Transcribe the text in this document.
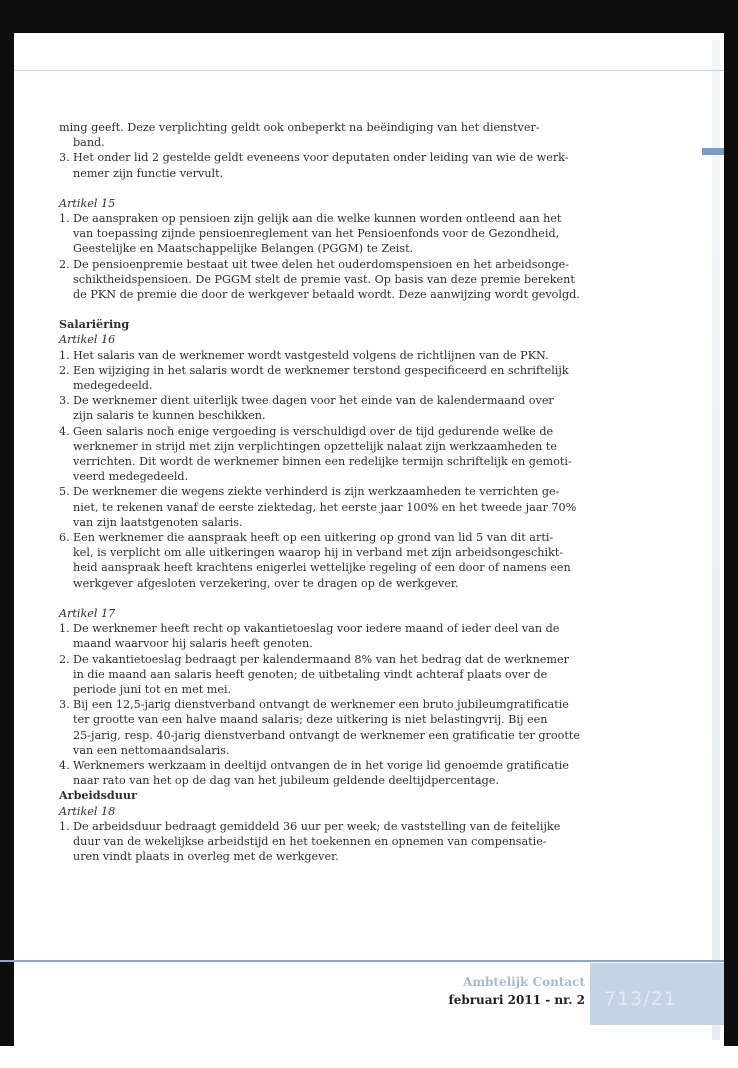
ming geeft. Deze verplichting geldt ook onbeperkt na beëindiging van het dienstver-

band.

3. Het onder lid 2 gestelde geldt eveneens voor deputaten onder leiding van wie de werk-
nemer zijn functie vervult.

Artikel 15

1. De aanspraken op pensioen zijn gelijk aan die welke kunnen worden ontleend aan het
van toepassing zijnde pensioenreglement van het Pensioenfonds voor de Gezondheid,
Geestelijke en Maatschappelijke Belangen (PGGM) te Zeist.
2. De pensioenpremie bestaat uit twee delen het ouderdomspensioen en het arbeidsonge-
schiktheidspensioen. De PGGM stelt de premie vast. Op basis van deze premie berekent
de PKN de premie die door de werkgever betaald wordt. Deze aanwijzing wordt gevolgd.

Salariëring

Artikel 16

1. Het salaris van de werknemer wordt vastgesteld volgens de richtlijnen van de PKN.
2. Een wijziging in het salaris wordt de werknemer terstond gespecificeerd en schriftelijk
medegedeeld.
3. De werknemer dient uiterlijk twee dagen voor het einde van de kalendermaand over
zijn salaris te kunnen beschikken.
4. Geen salaris noch enige vergoeding is verschuldigd over de tijd gedurende welke de
werknemer in strijd met zijn verplichtingen opzettelijk nalaat zijn werkzaamheden te
verrichten. Dit wordt de werknemer binnen een redelijke termijn schriftelijk en gemoti-
veerd medegedeeld.
5. De werknemer die wegens ziekte verhinderd is zijn werkzaamheden te verrichten ge-
niet, te rekenen vanaf de eerste ziektedag, het eerste jaar 100% en het tweede jaar 70%
van zijn laatstgenoten salaris.
6. Een werknemer die aanspraak heeft op een uitkering op grond van lid 5 van dit arti-
kel, is verplicht om alle uitkeringen waarop hij in verband met zijn arbeidsongeschikt-
heid aanspraak heeft krachtens enigerlei wettelijke regeling of een door of namens een
werkgever afgesloten verzekering, over te dragen op de werkgever.

Artikel 17

1. De werknemer heeft recht op vakantietoeslag voor iedere maand of ieder deel van de
maand waarvoor hij salaris heeft genoten.
2. De vakantietoeslag bedraagt per kalendermaand 8% van het bedrag dat de werknemer
in die maand aan salaris heeft genoten; de uitbetaling vindt achteraf plaats over de
periode juni tot en met mei.
3. Bij een 12,5-jarig dienstverband ontvangt de werknemer een bruto jubileumgratificatie
ter grootte van een halve maand salaris; deze uitkering is niet belastingvrij. Bij een
25-jarig, resp. 40-jarig dienstverband ontvangt de werknemer een gratificatie ter grootte
van een nettomaandsalaris.
4. Werknemers werkzaam in deeltijd ontvangen de in het vorige lid genoemde gratificatie
naar rato van het op de dag van het jubileum geldende deeltijdpercentage.

Arbeidsduur

Artikel 18

1. De arbeidsduur bedraagt gemiddeld 36 uur per week; de vaststelling van de feitelijke
duur van de wekelijkse arbeidstijd en het toekennen en opnemen van compensatie-
uren vindt plaats in overleg met de werkgever.
713/21
Ambtelijk Contact
februari 2011 - nr. 2
